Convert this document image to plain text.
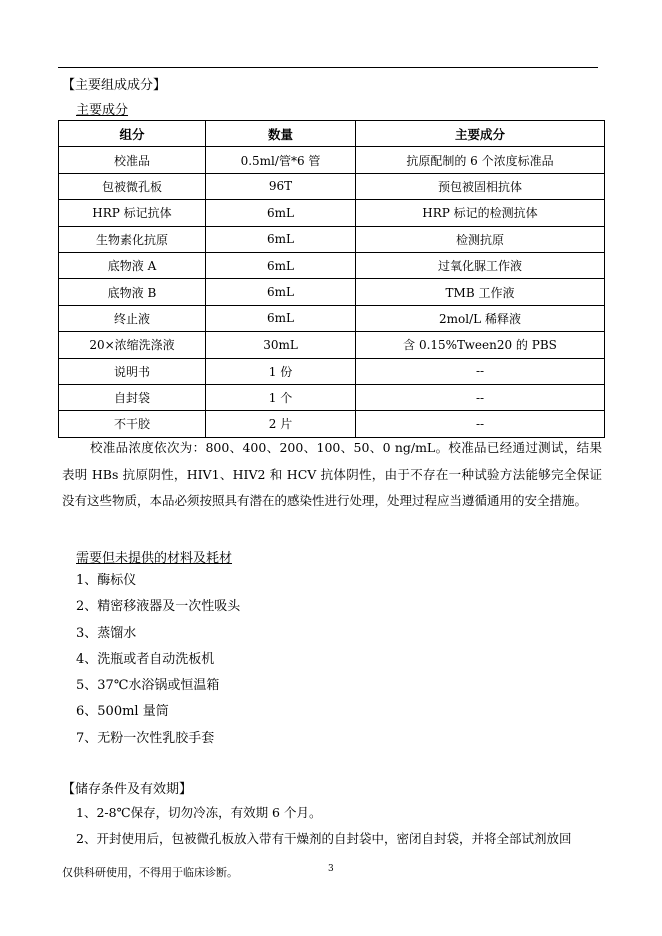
【主要组成成分】
主要成分
组分	数量	主要成分
校准品	0.5ml/管*6 管	抗原配制的 6 个浓度标准品
包被微孔板	96T	预包被固相抗体
HRP 标记抗体	6mL	HRP 标记的检测抗体
生物素化抗原	6mL	检测抗原
底物液 A	6mL	过氧化脲工作液
底物液 B	6mL	TMB 工作液
终止液	6mL	2mol/L 稀释液
20×浓缩洗涤液	30mL	含 0.15%Tween20 的 PBS
说明书	1 份	--
自封袋	1 个	--
不干胶	2 片	--
校准品浓度依次为：800、400、200、100、50、0 ng/mL。校准品已经通过测试，结果表明 HBs 抗原阴性，HIV1、HIV2 和 HCV 抗体阴性，由于不存在一种试验方法能够完全保证没有这些物质，本品必须按照具有潜在的感染性进行处理，处理过程应当遵循通用的安全措施。
需要但未提供的材料及耗材
1、酶标仪
2、精密移液器及一次性吸头
3、蒸馏水
4、洗瓶或者自动洗板机
5、37℃水浴锅或恒温箱
6、500ml 量筒
7、无粉一次性乳胶手套
【储存条件及有效期】
1、2-8℃保存，切勿冷冻，有效期 6 个月。
2、开封使用后，包被微孔板放入带有干燥剂的自封袋中，密闭自封袋，并将全部试剂放回
仅供科研使用，不得用于临床诊断。	3
